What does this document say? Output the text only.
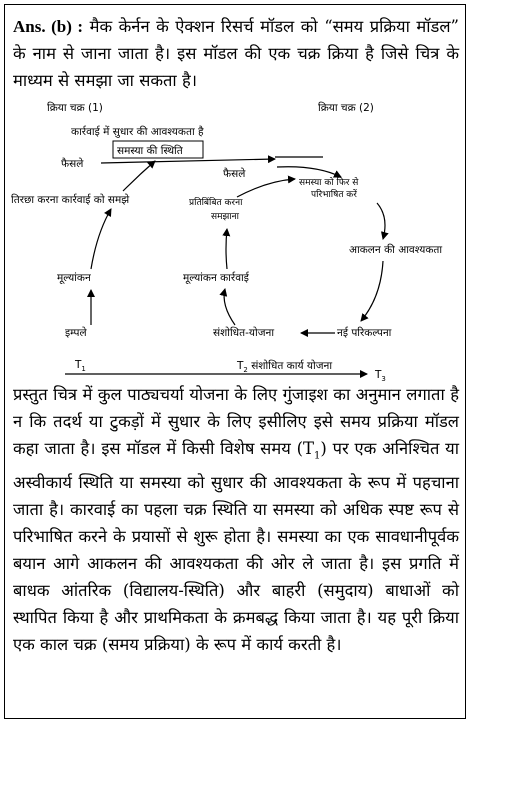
Ans. (b) : मैक केर्नन के ऐक्शन रिसर्च मॉडल को “समय प्रक्रिया मॉडल” के नाम से जाना जाता है। इस मॉडल की एक चक्र क्रिया है जिसे चित्र के माध्यम से समझा जा सकता है।

क्रिया चक्र (1)	क्रिया चक्र (2)
कार्रवाई में सुधार की आवश्यकता है
समस्या की स्थिति
फैसले
फैसले
तिरछा करना कार्रवाई को समझे
मूल्यांकन
इम्पले
समस्या को फिर से
परिभाषित करें
प्रतिबिंबित करना
समझाना
आकलन की आवश्यकता
मूल्यांकन कार्रवाई
संशोधित-योजना	नई परिकल्पना
$T_1$	$T_2$ संशोधित कार्य योजना
$T_3$

प्रस्तुत चित्र में कुल पाठ्यचर्या योजना के लिए गुंजाइश का अनुमान लगाता है न कि तदर्थ या टुकड़ों में सुधार के लिए इसीलिए इसे समय प्रक्रिया मॉडल कहा जाता है। इस मॉडल में किसी विशेष समय $(T_1)$ पर एक अनिश्चित या अस्वीकार्य स्थिति या समस्या को सुधार की आवश्यकता के रूप में पहचाना जाता है। कारवाई का पहला चक्र स्थिति या समस्या को अधिक स्पष्ट रूप से परिभाषित करने के प्रयासों से शुरू होता है। समस्या का एक सावधानीपूर्वक बयान आगे आकलन की आवश्यकता की ओर ले जाता है। इस प्रगति में बाधक आंतरिक (विद्यालय-स्थिति) और बाहरी (समुदाय) बाधाओं को स्थापित किया है और प्राथमिकता के क्रमबद्ध किया जाता है। यह पूरी क्रिया एक काल चक्र (समय प्रक्रिया) के रूप में कार्य करती है।
